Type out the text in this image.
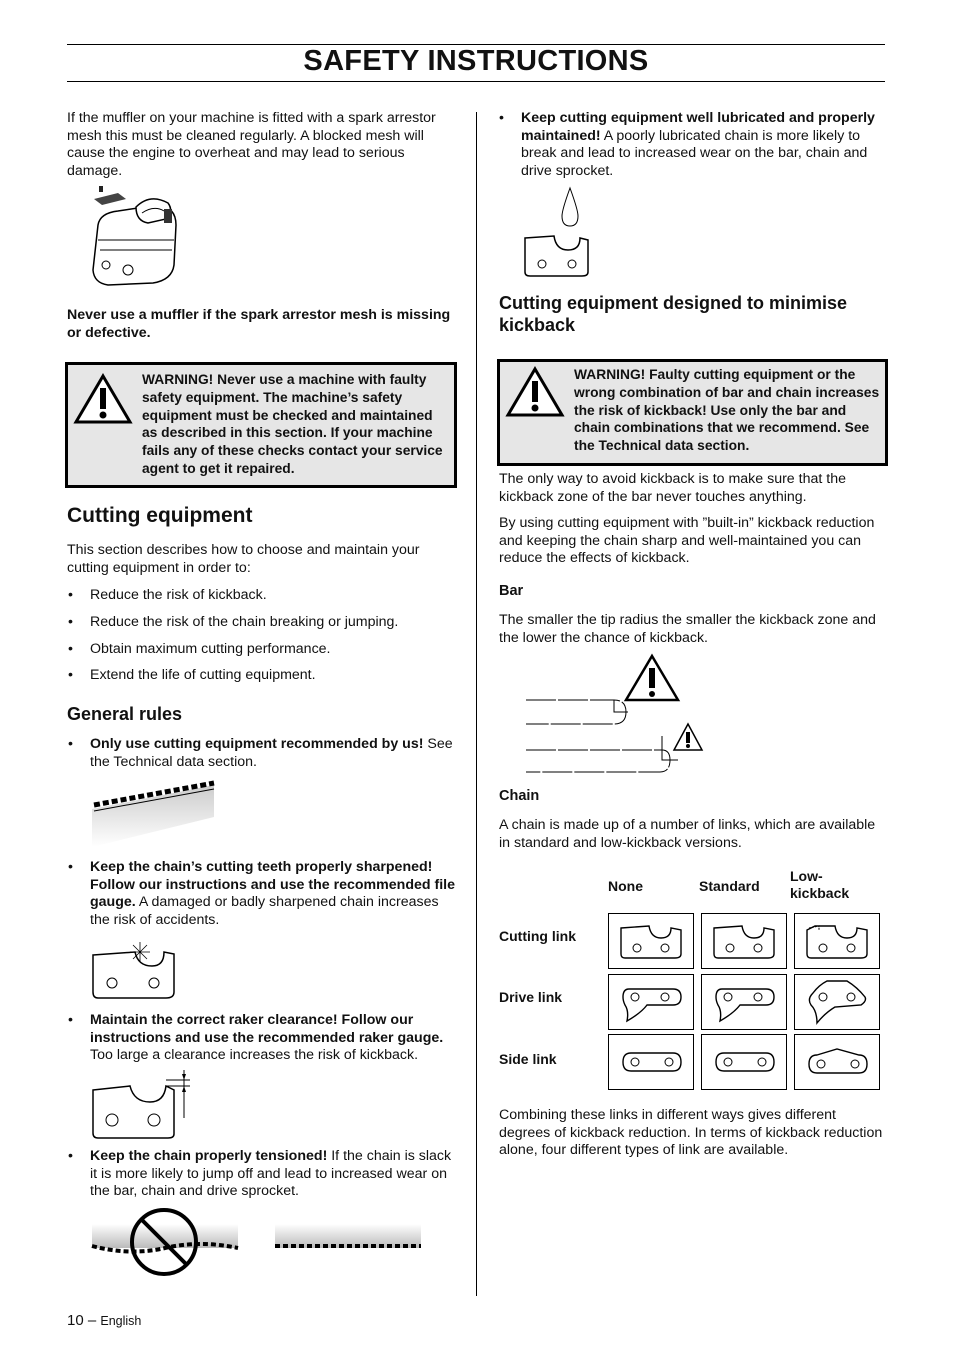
SAFETY INSTRUCTIONS
If the muffler on your machine is fitted with a spark arrestor mesh this must be cleaned regularly. A blocked mesh will cause the engine to overheat and may lead to serious damage.
Never use a muffler if the spark arrestor mesh is missing or defective.
WARNING! Never use a machine with faulty safety equipment. The machine’s safety equipment must be checked and maintained as described in this section. If your machine fails any of these checks contact your service agent to get it repaired.
Cutting equipment
This section describes how to choose and maintain your cutting equipment in order to:
• Reduce the risk of kickback.
• Reduce the risk of the chain breaking or jumping.
• Obtain maximum cutting performance.
• Extend the life of cutting equipment.
General rules
• Only use cutting equipment recommended by us! See the Technical data section.
• Keep the chain’s cutting teeth properly sharpened! Follow our instructions and use the recommended file gauge. A damaged or badly sharpened chain increases the risk of accidents.
• Maintain the correct raker clearance! Follow our instructions and use the recommended raker gauge. Too large a clearance increases the risk of kickback.
• Keep the chain properly tensioned! If the chain is slack it is more likely to jump off and lead to increased wear on the bar, chain and drive sprocket.
• Keep cutting equipment well lubricated and properly maintained! A poorly lubricated chain is more likely to break and lead to increased wear on the bar, chain and drive sprocket.
Cutting equipment designed to minimise kickback
WARNING! Faulty cutting equipment or the wrong combination of bar and chain increases the risk of kickback! Use only the bar and chain combinations that we recommend. See the Technical data section.
The only way to avoid kickback is to make sure that the kickback zone of the bar never touches anything.
By using cutting equipment with ”built-in” kickback reduction and keeping the chain sharp and well-maintained you can reduce the effects of kickback.
Bar
The smaller the tip radius the smaller the kickback zone and the lower the chance of kickback.
Chain
A chain is made up of a number of links, which are available in standard and low-kickback versions.
None	Standard
Low-
kickback
Cutting link
Drive link
Side link
Combining these links in different ways gives different degrees of kickback reduction. In terms of kickback reduction alone, four different types of link are available.
10 – English
